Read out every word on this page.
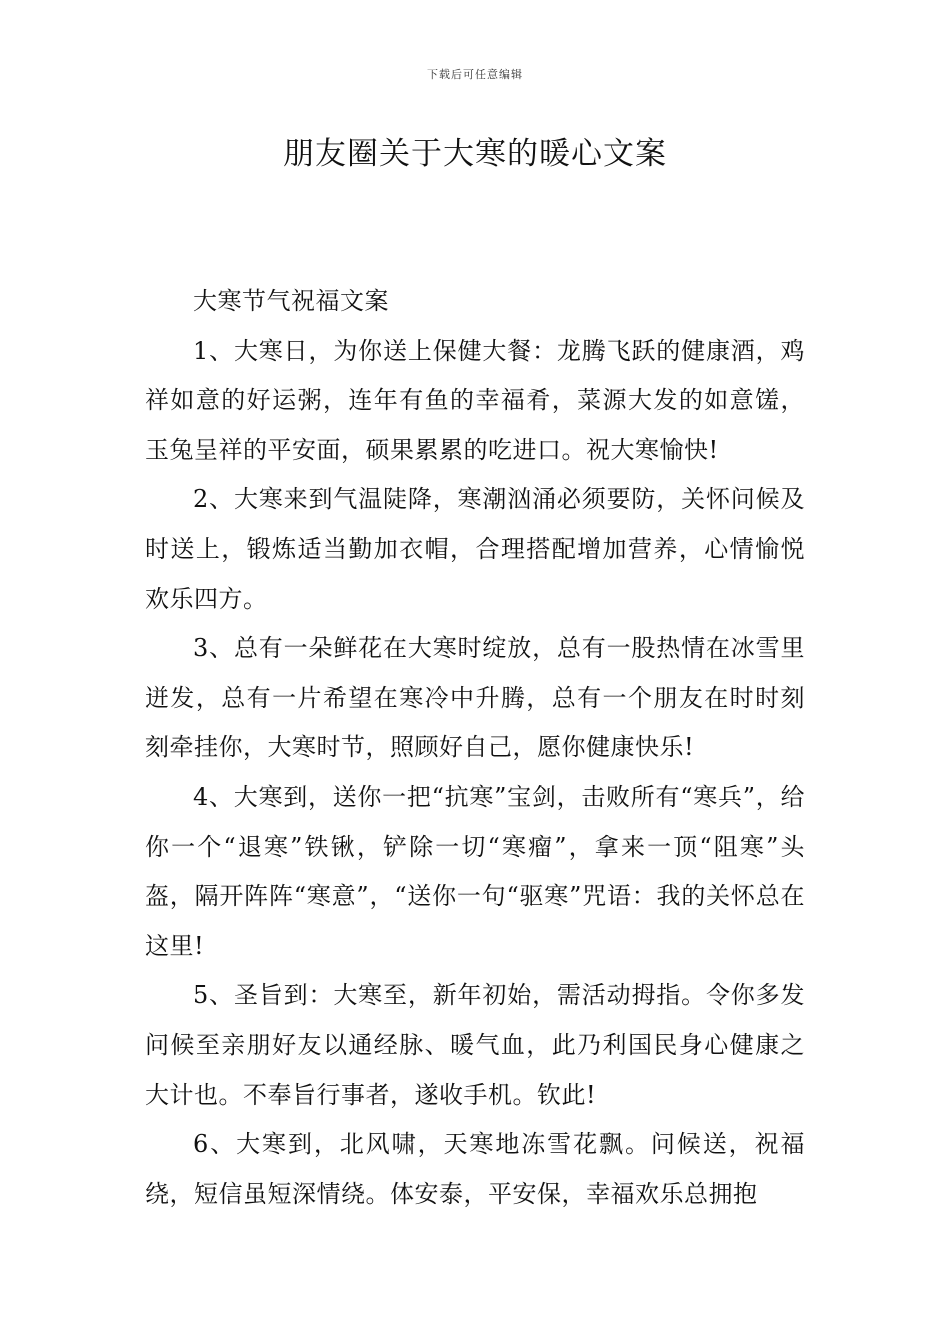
下载后可任意编辑
朋友圈关于大寒的暖心文案

大寒节气祝福文案

1、大寒日，为你送上保健大餐：龙腾飞跃的健康酒，鸡祥如意的好运粥，连年有鱼的幸福肴，菜源大发的如意馐，玉兔呈祥的平安面，硕果累累的吃进口。祝大寒愉快!

2、大寒来到气温陡降，寒潮汹涌必须要防，关怀问候及时送上，锻炼适当勤加衣帽，合理搭配增加营养，心情愉悦欢乐四方。

3、总有一朵鲜花在大寒时绽放，总有一股热情在冰雪里迸发，总有一片希望在寒冷中升腾，总有一个朋友在时时刻刻牵挂你，大寒时节，照顾好自己，愿你健康快乐!

4、大寒到，送你一把“抗寒”宝剑，击败所有“寒兵”，给你一个“退寒”铁锹，铲除一切“寒瘤”，拿来一顶“阻寒”头盔，隔开阵阵“寒意”，“送你一句“驱寒”咒语：我的关怀总在这里!

5、圣旨到：大寒至，新年初始，需活动拇指。令你多发问候至亲朋好友以通经脉、暖气血，此乃利国民身心健康之大计也。不奉旨行事者，遂收手机。钦此!

6、大寒到，北风啸，天寒地冻雪花飘。问候送，祝福绕，短信虽短深情绕。体安泰，平安保，幸福欢乐总拥抱
